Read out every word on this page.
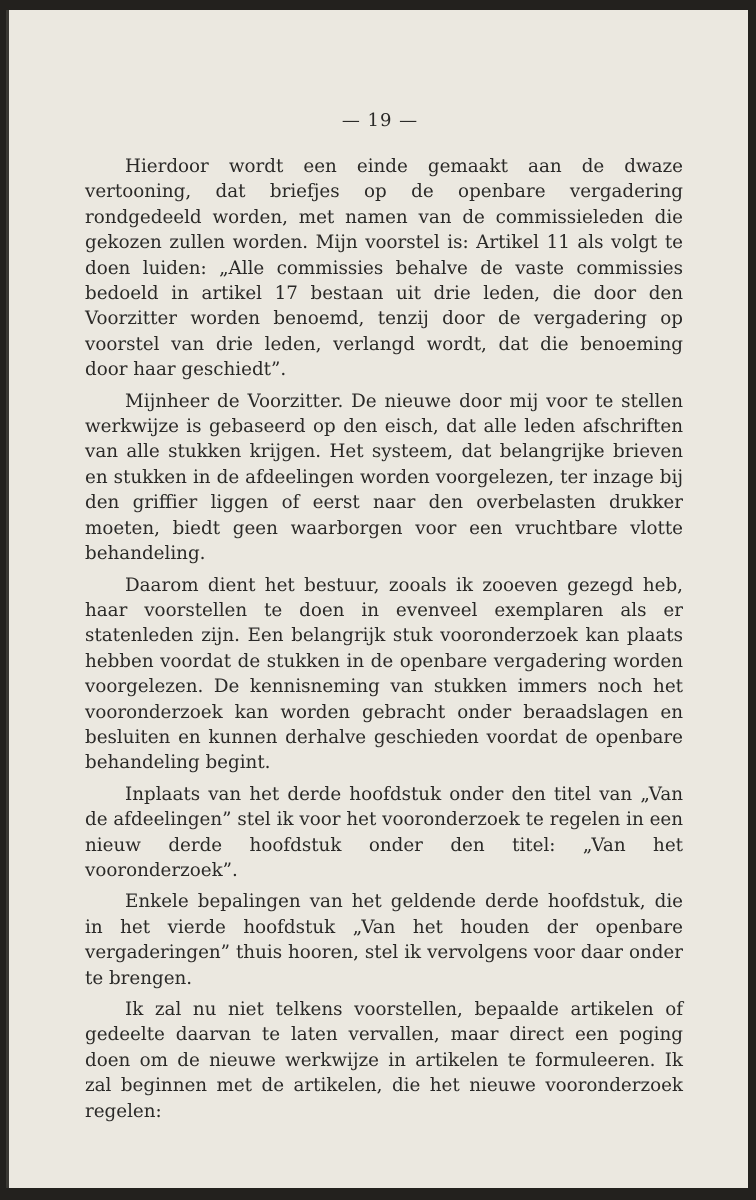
— 19 —

Hierdoor wordt een einde gemaakt aan de dwaze vertooning, dat briefjes op de openbare vergadering rondgedeeld worden, met namen van de commissieleden die gekozen zullen worden. Mijn voorstel is: Artikel 11 als volgt te doen luiden: „Alle commissies behalve de vaste commissies bedoeld in artikel 17 bestaan uit drie leden, die door den Voorzitter worden benoemd, tenzij door de vergadering op voorstel van drie leden, verlangd wordt, dat die benoeming door haar geschiedt”.

Mijnheer de Voorzitter. De nieuwe door mij voor te stellen werkwijze is gebaseerd op den eisch, dat alle leden afschriften van alle stukken krijgen. Het systeem, dat belangrijke brieven en stukken in de afdeelingen worden voorgelezen, ter inzage bij den griffier liggen of eerst naar den overbelasten drukker moeten, biedt geen waarborgen voor een vruchtbare vlotte behandeling.

Daarom dient het bestuur, zooals ik zooeven gezegd heb, haar voorstellen te doen in evenveel exemplaren als er statenleden zijn. Een belangrijk stuk vooronderzoek kan plaats hebben voordat de stukken in de openbare vergadering worden voorgelezen. De kennisneming van stukken immers noch het vooronderzoek kan worden gebracht onder beraadslagen en besluiten en kunnen derhalve geschieden voordat de openbare behandeling begint.

Inplaats van het derde hoofdstuk onder den titel van „Van de afdeelingen” stel ik voor het vooronderzoek te regelen in een nieuw derde hoofdstuk onder den titel: „Van het vooronderzoek”.

Enkele bepalingen van het geldende derde hoofdstuk, die in het vierde hoofdstuk „Van het houden der openbare vergaderingen” thuis hooren, stel ik vervolgens voor daar onder te brengen.

Ik zal nu niet telkens voorstellen, bepaalde artikelen of gedeelte daarvan te laten vervallen, maar direct een poging doen om de nieuwe werkwijze in artikelen te formuleeren. Ik zal beginnen met de artikelen, die het nieuwe vooronderzoek regelen:
